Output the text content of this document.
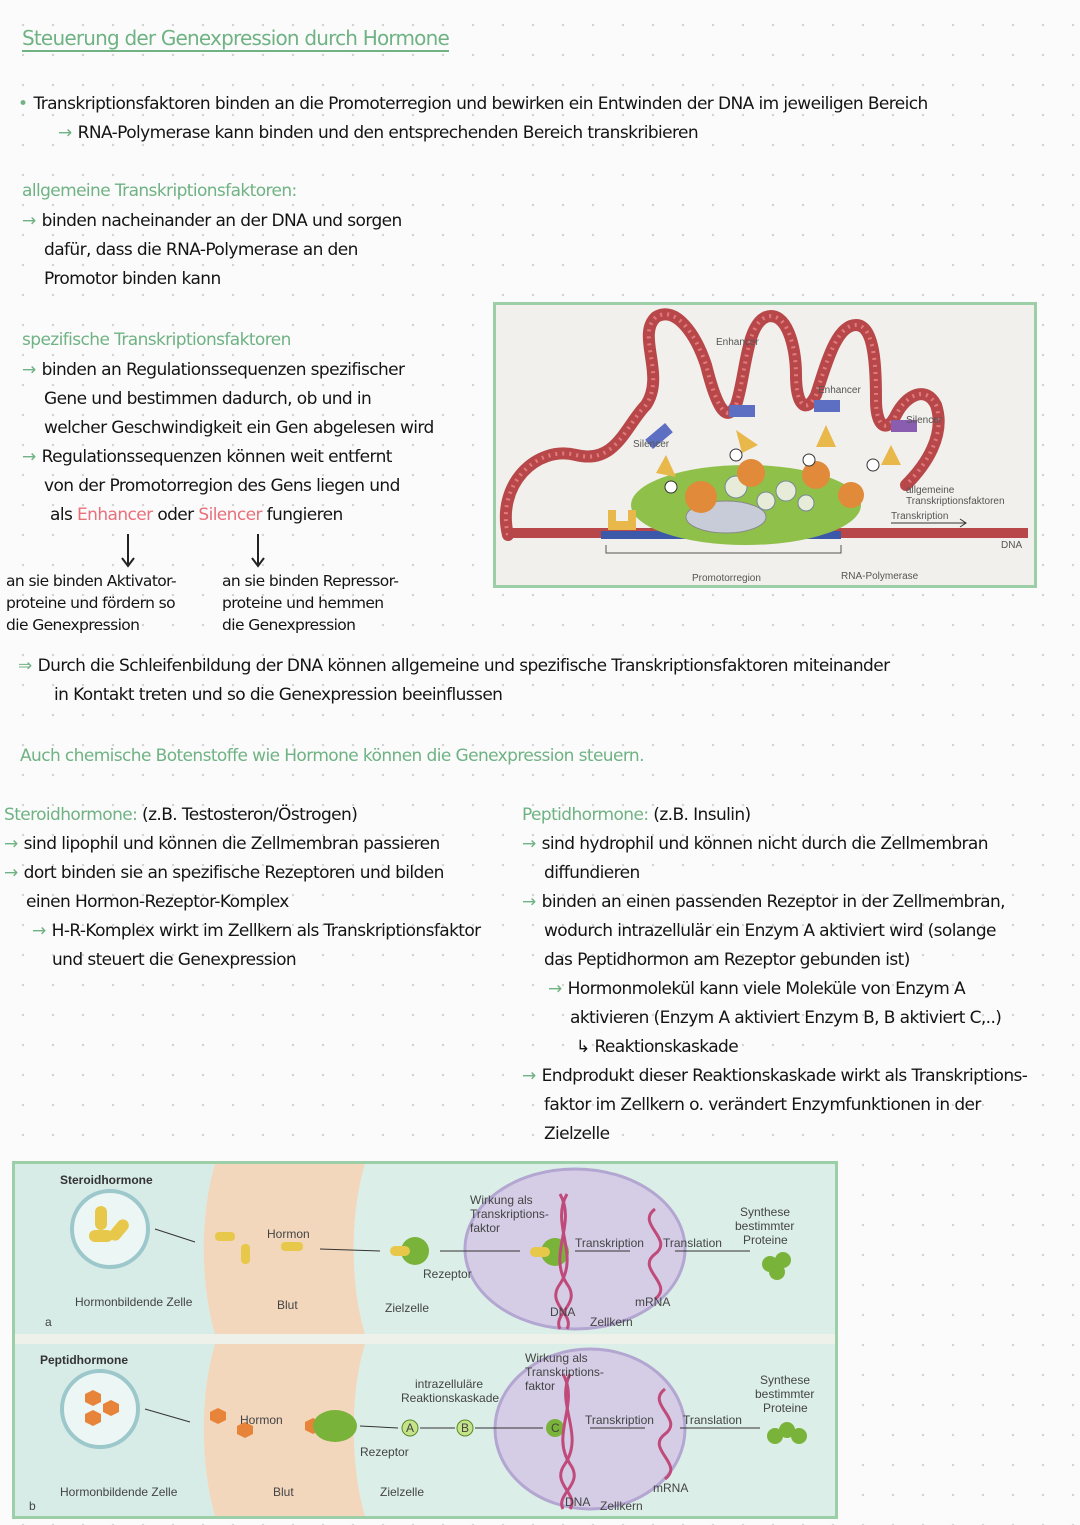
Steuerung der Genexpression durch Hormone
• Transkriptionsfaktoren binden an die Promoterregion und bewirken ein Entwinden der DNA im jeweiligen Bereich
→ RNA-Polymerase kann binden und den entsprechenden Bereich transkribieren
allgemeine Transkriptionsfaktoren:
→ binden nacheinander an der DNA und sorgen
dafür, dass die RNA-Polymerase an den
Promotor binden kann
spezifische Transkriptionsfaktoren
→ binden an Regulationssequenzen spezifischer
Gene und bestimmen dadurch, ob und in
welcher Geschwindigkeit ein Gen abgelesen wird
→ Regulationssequenzen können weit entfernt
von der Promotorregion des Gens liegen und
als Enhancer oder Silencer fungieren
an sie binden Aktivator-
proteine und fördern so
die Genexpression
an sie binden Repressor-
proteine und hemmen
die Genexpression
Enhancer
Enhancer
Silencer
Silencer
allgemeine
Transkriptionsfaktoren
Transkription
DNA
Promotorregion	RNA-Polymerase
⇒ Durch die Schleifenbildung der DNA können allgemeine und spezifische Transkriptionsfaktoren miteinander
in Kontakt treten und so die Genexpression beeinflussen
Auch chemische Botenstoffe wie Hormone können die Genexpression steuern.
Steroidhormone: (z.B. Testosteron/Östrogen)
→ sind lipophil und können die Zellmembran passieren
→ dort binden sie an spezifische Rezeptoren und bilden
einen Hormon-Rezeptor-Komplex
→ H-R-Komplex wirkt im Zellkern als Transkriptionsfaktor
und steuert die Genexpression
Peptidhormone: (z.B. Insulin)
→ sind hydrophil und können nicht durch die Zellmembran
diffundieren
→ binden an einen passenden Rezeptor in der Zellmembran,
wodurch intrazellulär ein Enzym A aktiviert wird (solange
das Peptidhormon am Rezeptor gebunden ist)
→ Hormonmolekül kann viele Moleküle von Enzym A
aktivieren (Enzym A aktiviert Enzym B, B aktiviert C,..)
↳ Reaktionskaskade
→ Endprodukt dieser Reaktionskaskade wirkt als Transkriptions-
faktor im Zellkern o. verändert Enzymfunktionen in der
Zielzelle
Steroidhormone
Hormon
Wirkung als
Transkriptions-
faktor
Synthese
bestimmter
Proteine
Transkription Translation
Rezeptor
Hormonbildende Zelle	Blut	Zielzelle	DNA
mRNA
Zellkern
a
Peptidhormone
intrazelluläre
Reaktionskaskade
Wirkung als
Transkriptions-
faktor	Synthese
bestimmter
Proteine
Hormon
A	B	C
Transkription Translation
Rezeptor
Hormonbildende Zelle	Blut	Zielzelle
DNA Zellkern
mRNA
b
